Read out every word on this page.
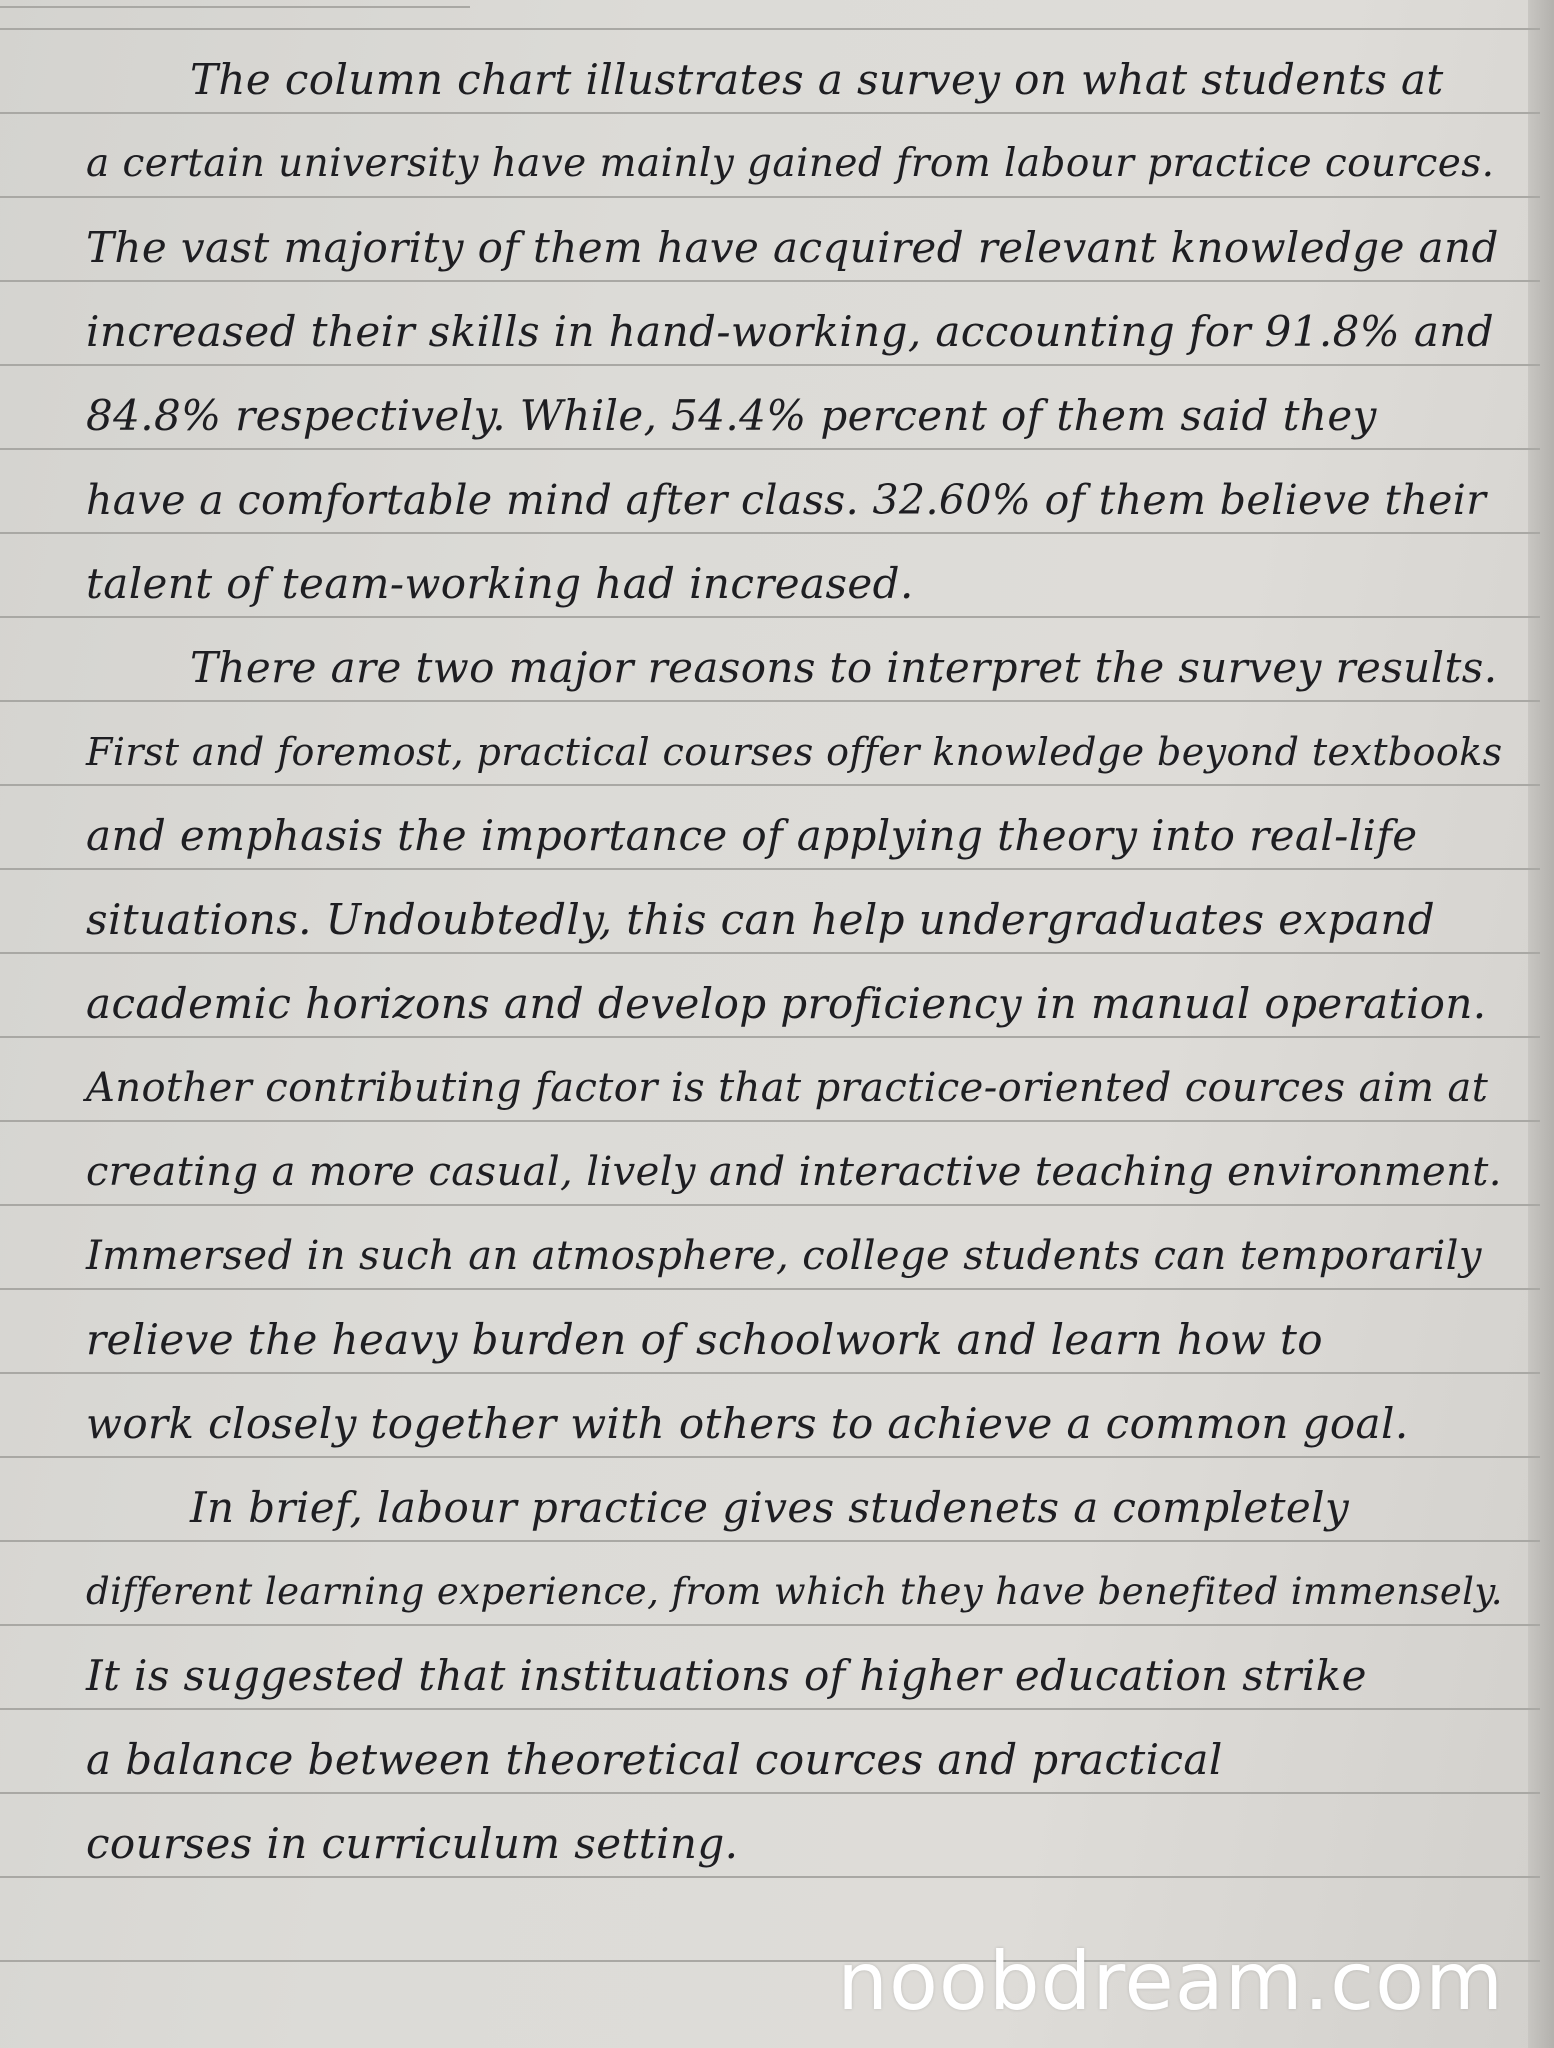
The column chart illustrates a survey on what students at
a certain university have mainly gained from labour practice cources.
The vast majority of them have acquired relevant knowledge and
increased their skills in hand-working, accounting for 91.8% and
84.8% respectively. While, 54.4% percent of them said they
have a comfortable mind after class. 32.60% of them believe their
talent of team-working had increased.
There are two major reasons to interpret the survey results.
First and foremost, practical courses offer knowledge beyond textbooks
and emphasis the importance of applying theory into real-life
situations. Undoubtedly, this can help undergraduates expand
academic horizons and develop proficiency in manual operation.
Another contributing factor is that practice-oriented cources aim at
creating a more casual, lively and interactive teaching environment.
Immersed in such an atmosphere, college students can temporarily
relieve the heavy burden of schoolwork and learn how to
work closely together with others to achieve a common goal.
In brief, labour practice gives studenets a completely
different learning experience, from which they have benefited immensely.
It is suggested that instituations of higher education strike
a balance between theoretical cources and practical
courses in curriculum setting.
noobdream.com
